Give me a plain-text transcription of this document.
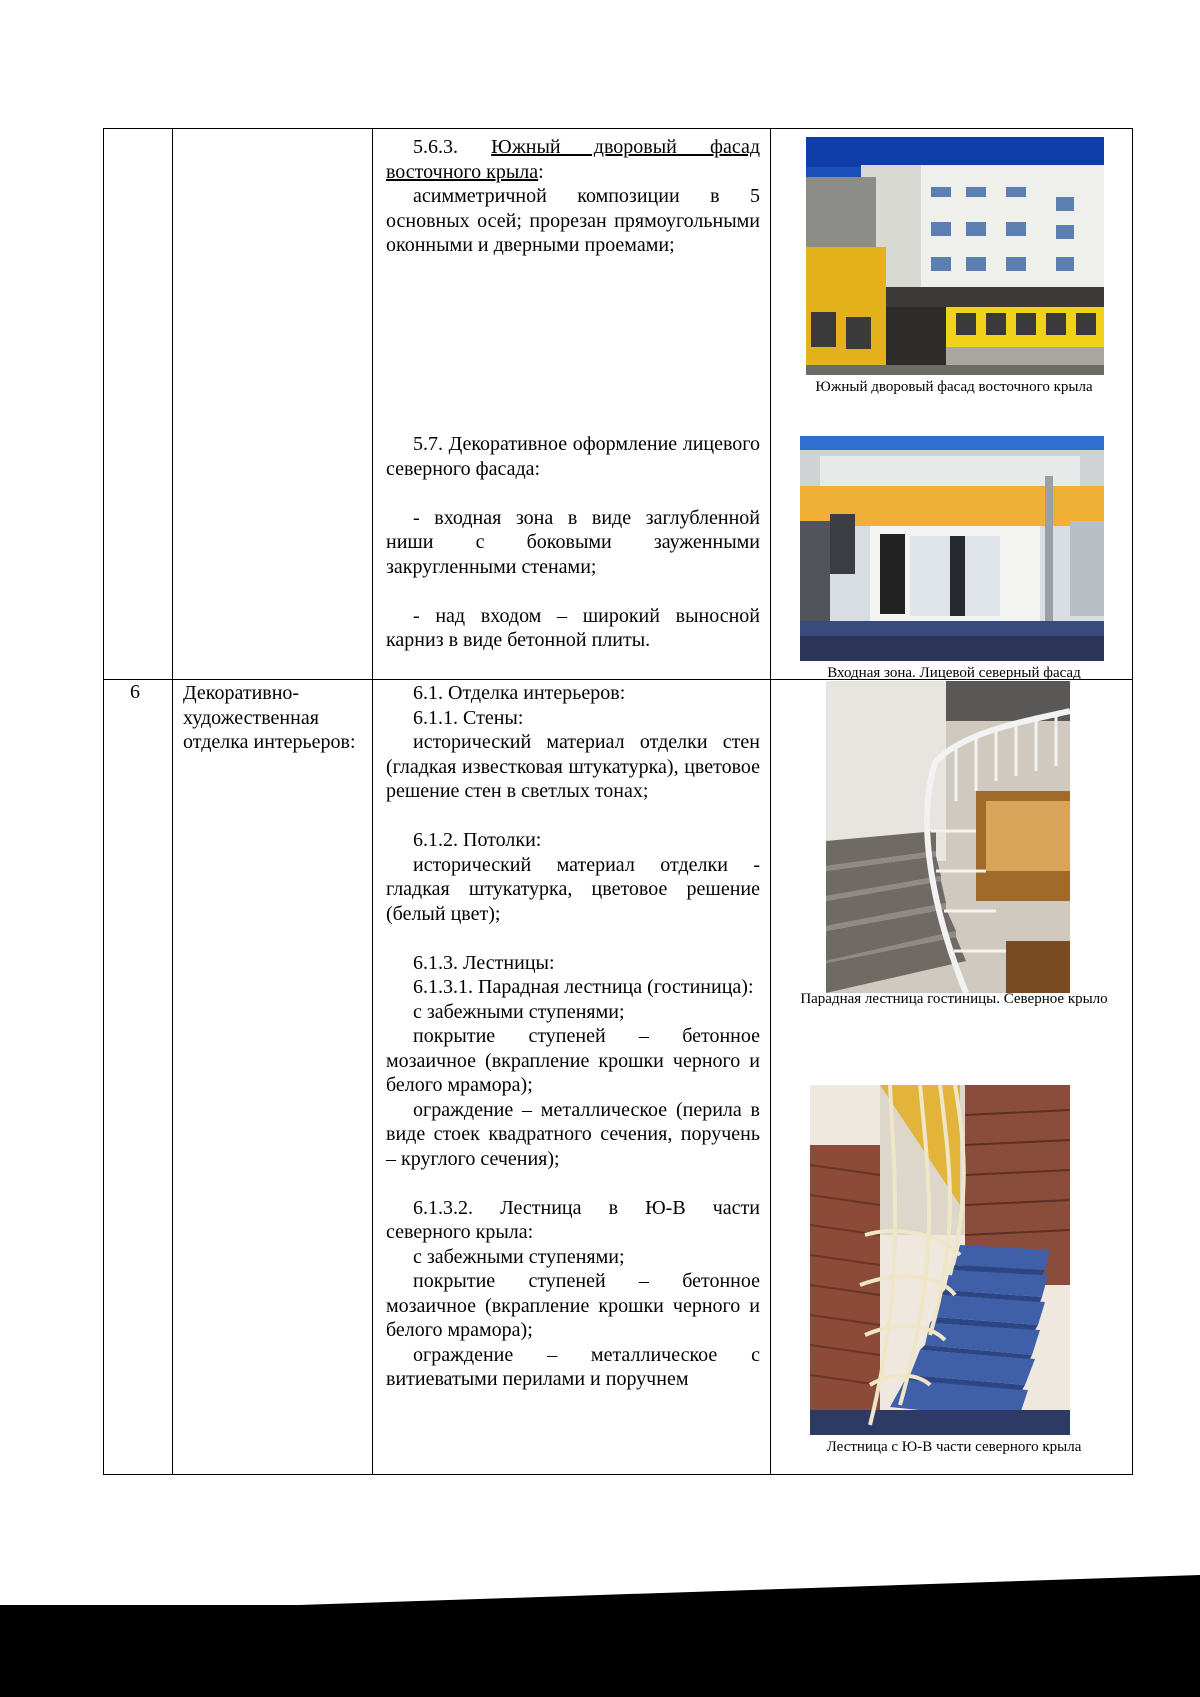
5.6.3. Южный дворовый фасад

восточного крыла:

асимметричной композиции в 5 основных осей; прорезан прямоугольными оконными и дверными проемами;

5.7. Декоративное оформление лицевого северного фасада:

- входная зона в виде заглубленной ниши с боковыми зауженными закругленными стенами;

- над входом – широкий выносной карниз в виде бетонной плиты.

Южный дворовый фасад восточного крыла
Входная зона. Лицевой северный фасад
6 Декоративно-художественная отделка интерьеров:

6.1. Отделка интерьеров:

6.1.1. Стены:

исторический материал отделки стен (гладкая известковая штукатурка), цветовое решение стен в светлых тонах;

6.1.2. Потолки:

исторический материал отделки - гладкая штукатурка, цветовое решение (белый цвет);

6.1.3. Лестницы:

6.1.3.1. Парадная лестница (гостиница):

с забежными ступенями;

покрытие ступеней – бетонное мозаичное (вкрапление крошки черного и белого мрамора);

ограждение – металлическое (перила в виде стоек квадратного сечения, поручень – круглого сечения);

6.1.3.2. Лестница в Ю-В части северного крыла:

с забежными ступенями;

покрытие ступеней – бетонное мозаичное (вкрапление крошки черного и белого мрамора);

ограждение – металлическое с витиеватыми перилами и поручнем

Парадная лестница гостиницы. Северное крыло
Лестница с Ю-В части северного крыла
